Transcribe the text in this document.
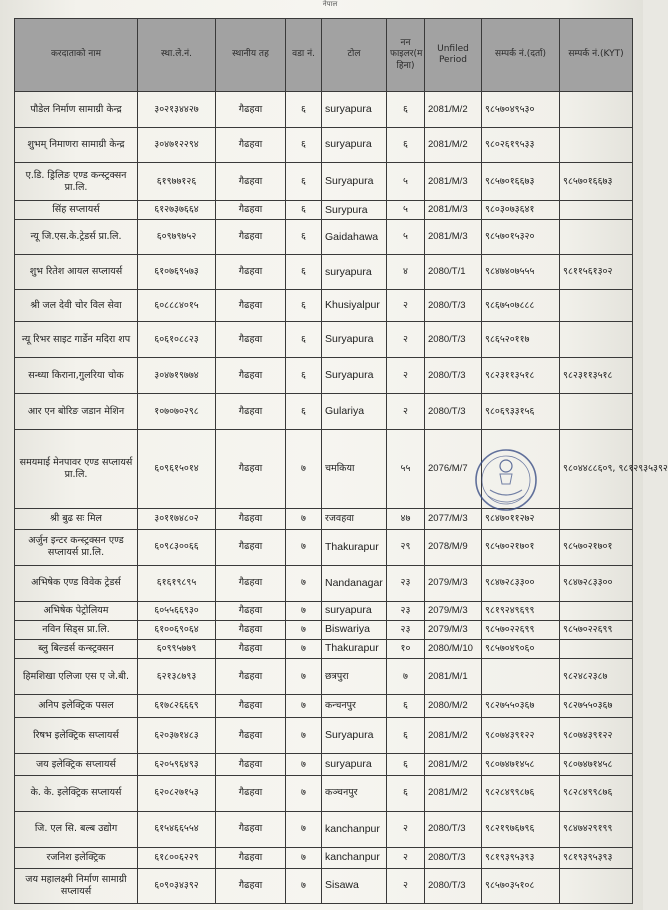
नेपाल
करदाताको नाम	स्था.ले.नं.	स्थानीय तह	वडा नं.	टोल	नन फाइलर(म हिना)	Unfiled Period	सम्पर्क नं.(दर्ता)	सम्पर्क नं.(KYT)
पौडेल निर्माण सामाग्री केन्द्र	३०२१३४४२७	गैढहवा	६	suryapura	६	2081/M/2	९८५७०४९५३०	
शुभम् निमाणरा सामाग्री केन्द्र	३०४७१२२९४	गैढहवा	६	suryapura	६	2081/M/2	९८०२६१९५३३	
ए.डि. ड्रिलिङ एण्ड कन्स्ट्रक्सन प्रा.लि.	६१९७७१२६	गैढहवा	६	Suryapura	५	2081/M/3	९८५७०१६६७३	९८५७०१६६७३
सिंह सप्लायर्स	६१२७३७६६४	गैढहवा	६	Surypura	५	2081/M/3	९८०३०७३६४१	
न्यू जि.एस.के.ट्रेडर्स प्रा.लि.	६०९७९७५२	गैढहवा	६	Gaidahawa	५	2081/M/3	९८५७०१५३२०	
शुभ रितेश आयल सप्लायर्स	६१०७६९५७३	गैढहवा	६	suryapura	४	2080/T/1	९८४७४०७५५५	९८११५६१३०२
श्री जल देवी चोर विल सेवा	६०८८८४०१५	गैढहवा	६	Khusiyalpur	२	2080/T/3	९८६७५०७८८८	
न्यू रिभर साइट गार्डेन मदिरा शप	६०६१०८८२३	गैढहवा	६	Suryapura	२	2080/T/3	९८६५२०११७	
सन्ध्या किराना,गुलरिया चोक	३०४७१९७७४	गैढहवा	६	Suryapura	२	2080/T/3	९८२३११३५१८	९८२३११३५१८
आर एन बोरिङ जडान मेशिन	१०७०७०२९८	गैढहवा	६	Gulariya	२	2080/T/3	९८०६९३३१५६	
समयमाई मेनपावर एण्ड सप्लायर्स प्रा.लि.	६०९६१५०१४	गैढहवा	७	चमकिया	५५	2076/M/7		९८०४४८८६०९, ९८१२९३५३९२
श्री बुढ सः मिल	३०११७४८०२	गैढहवा	७	रजवहवा	४७	2077/M/3	९८४७०११२७२	
अर्जुन इन्टर कन्स्ट्रक्सन एण्ड सप्लायर्स प्रा.लि.	६०९८३००६६	गैढहवा	७	Thakurapur	२९	2078/M/9	९८५७०२१७०१	९८५७०२१७०१
अभिषेक एण्ड विवेक ट्रेडर्स	६१६१९८९५	गैढहवा	७	Nandanagar	२३	2079/M/3	९८४७२८३३००	९८४७२८३३००
अभिषेक पेट्रोलियम	६०५५६६९३०	गैढहवा	७	suryapura	२३	2079/M/3	९८१९२४९६९९	
नविन सिड्स प्रा.लि.	६१००६९०६४	गैढहवा	७	Biswariya	२३	2079/M/3	९८५७०२२६९९	९८५७०२२६९९
ब्लु बिल्डर्स कन्स्ट्रक्सन	६०९९५७७९	गैढहवा	७	Thakurapur	१०	2080/M/10	९८५७०४९०६०	
हिमशिखा एलिजा एस ए जे.बी.	६२१३८७९३	गैढहवा	७	छत्रपुरा	७	2081/M/1		९८२४८२३८७
अनिप इलेक्ट्रिक पसल	६१७८२६६६९	गैढहवा	७	कन्चनपुर	६	2080/M/2	९८२७५५०३६७	९८२७५५०३६७
रिषभ इलेक्ट्रिक सप्लायर्स	६२०३७१४८३	गैढहवा	७	Suryapura	६	2081/M/2	९८०७४३९१२२	९८०७४३९१२२
जय इलेक्ट्रिक सप्लायर्स	६२०५९६४९३	गैढहवा	७	suryapura	६	2081/M/2	९८०७४७१४५८	९८०७४७१४५८
के. के. इलेक्ट्रिक सप्लायर्स	६२०८२७१५३	गैढहवा	७	कञ्चनपुर	६	2081/M/2	९८२८४९९८७६	९८२८४९९८७६
जि. एल सि. बल्ब उद्योग	६१५४६६५५४	गैढहवा	७	kanchanpur	२	2080/T/3	९८२१९७६७९६	९८४७४२९१९९
रजनिश इलेक्ट्रिक	६१८००६२२९	गैढहवा	७	kanchanpur	२	2080/T/3	९८१९३९५३९३	९८१९३९५३९३
जय महालक्ष्मी निर्माण सामाग्री सप्लायर्स	६०९०३४३९२	गैढहवा	७	Sisawa	२	2080/T/3	९८५७०३५१०८	
